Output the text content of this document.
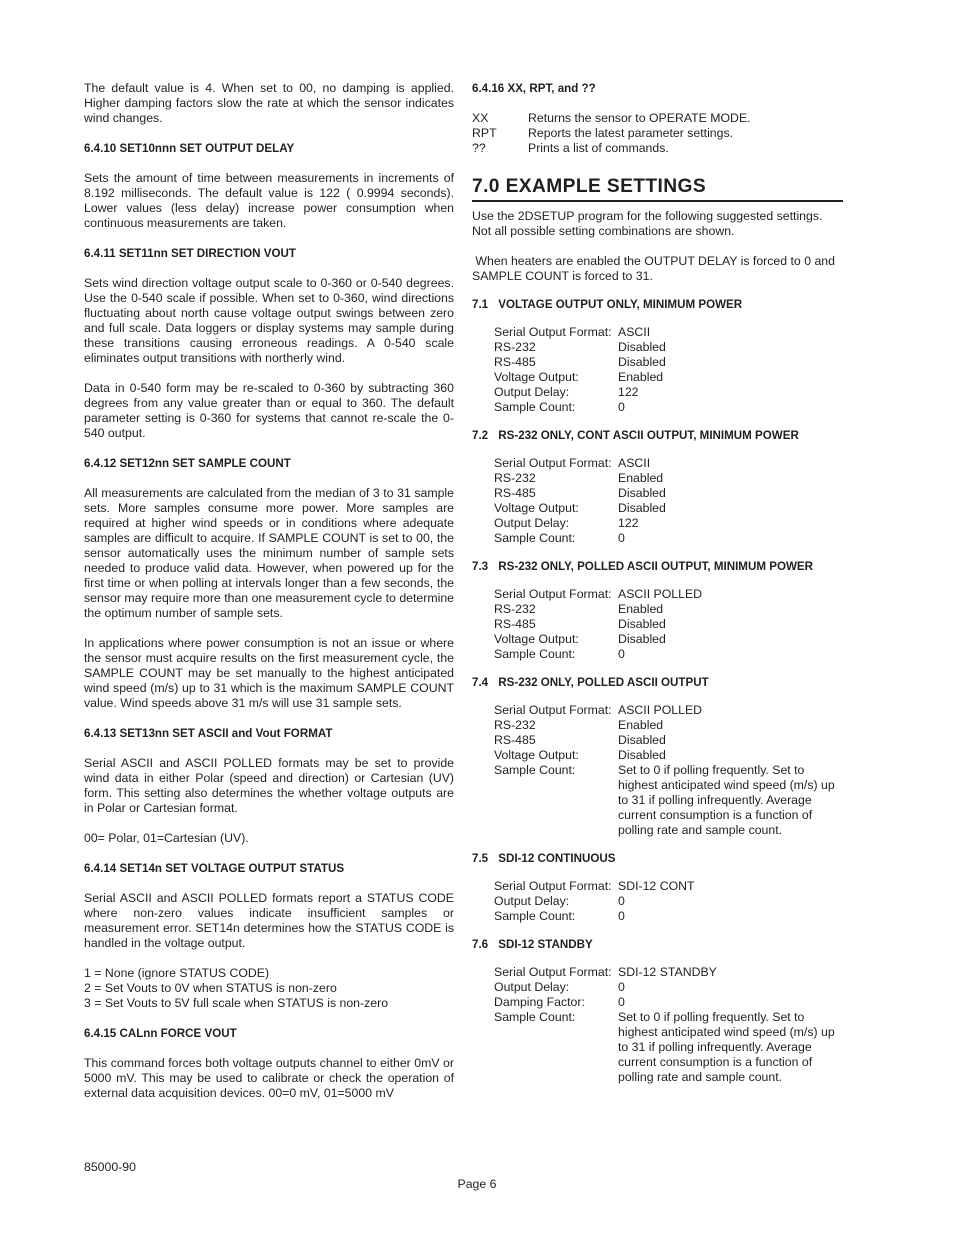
The default value is 4. When set to 00, no damping is applied. Higher damping factors slow the rate at which the sensor indicates wind changes.

6.4.10 SET10nnn SET OUTPUT DELAY

Sets the amount of time between measurements in increments of 8.192 milliseconds. The default value is 122 ( 0.9994 seconds). Lower values (less delay) increase power consumption when continuous measurements are taken.

6.4.11 SET11nn SET DIRECTION VOUT

Sets wind direction voltage output scale to 0-360 or 0-540 degrees. Use the 0-540 scale if possible. When set to 0-360, wind directions fluctuating about north cause voltage output swings between zero and full scale. Data loggers or display systems may sample during these transitions causing erroneous readings. A 0-540 scale eliminates output transitions with northerly wind.

Data in 0-540 form may be re-scaled to 0-360 by subtracting 360 degrees from any value greater than or equal to 360. The default parameter setting is 0-360 for systems that cannot re-scale the 0-540 output.

6.4.12 SET12nn SET SAMPLE COUNT

All measurements are calculated from the median of 3 to 31 sample sets. More samples consume more power. More samples are required at higher wind speeds or in conditions where adequate samples are difficult to acquire. If SAMPLE COUNT is set to 00, the sensor automatically uses the minimum number of sample sets needed to produce valid data. However, when powered up for the first time or when polling at intervals longer than a few seconds, the sensor may require more than one measurement cycle to determine the optimum number of sample sets.

In applications where power consumption is not an issue or where the sensor must acquire results on the first measurement cycle, the SAMPLE COUNT may be set manually to the highest anticipated wind speed (m/s) up to 31 which is the maximum SAMPLE COUNT value. Wind speeds above 31 m/s will use 31 sample sets.

6.4.13 SET13nn SET ASCII and Vout FORMAT

Serial ASCII and ASCII POLLED formats may be set to provide wind data in either Polar (speed and direction) or Cartesian (UV) form. This setting also determines the whether voltage outputs are in Polar or Cartesian format.

00= Polar, 01=Cartesian (UV).

6.4.14 SET14n SET VOLTAGE OUTPUT STATUS

Serial ASCII and ASCII POLLED formats report a STATUS CODE where non-zero values indicate insufficient samples or measurement error. SET14n determines how the STATUS CODE is handled in the voltage output.

1 = None (ignore STATUS CODE)
2 = Set Vouts to 0V when STATUS is non-zero
3 = Set Vouts to 5V full scale when STATUS is non-zero
6.4.15 CALnn FORCE VOUT

This command forces both voltage outputs channel to either 0mV or 5000 mV. This may be used to calibrate or check the operation of external data acquisition devices. 00=0 mV, 01=5000 mV

6.4.16 XX, RPT, and ??
XX	Returns the sensor to OPERATE MODE.
RPT	Reports the latest parameter settings.
??	Prints a list of commands.
7.0 EXAMPLE SETTINGS

Use the 2DSETUP program for the following suggested settings. Not all possible setting combinations are shown.

When heaters are enabled the OUTPUT DELAY is forced to 0 and SAMPLE COUNT is forced to 31.

7.1 VOLTAGE OUTPUT ONLY, MINIMUM POWER
Serial Output Format: ASCII
RS-232	Disabled
RS-485	Disabled
Voltage Output:	Enabled
Output Delay:	122
Sample Count:	0
7.2 RS-232 ONLY, CONT ASCII OUTPUT, MINIMUM POWER
Serial Output Format: ASCII
RS-232	Enabled
RS-485	Disabled
Voltage Output:	Disabled
Output Delay:	122
Sample Count:	0
7.3 RS-232 ONLY, POLLED ASCII OUTPUT, MINIMUM POWER
Serial Output Format: ASCII POLLED
RS-232	Enabled
RS-485	Disabled
Voltage Output:	Disabled
Sample Count:	0
7.4 RS-232 ONLY, POLLED ASCII OUTPUT
Serial Output Format: ASCII POLLED
RS-232	Enabled
RS-485	Disabled
Voltage Output:	Disabled
Sample Count:	Set to 0 if polling frequently. Set to highest anticipated wind speed (m/s) up to 31 if polling infrequently. Average current consumption is a function of polling rate and sample count.
7.5 SDI-12 CONTINUOUS
Serial Output Format: SDI-12 CONT
Output Delay:	0
Sample Count:	0
7.6 SDI-12 STANDBY
Serial Output Format: SDI-12 STANDBY
Output Delay:	0
Damping Factor:	0
Sample Count:	Set to 0 if polling frequently. Set to highest anticipated wind speed (m/s) up to 31 if polling infrequently. Average current consumption is a function of polling rate and sample count.
85000-90
Page 6
